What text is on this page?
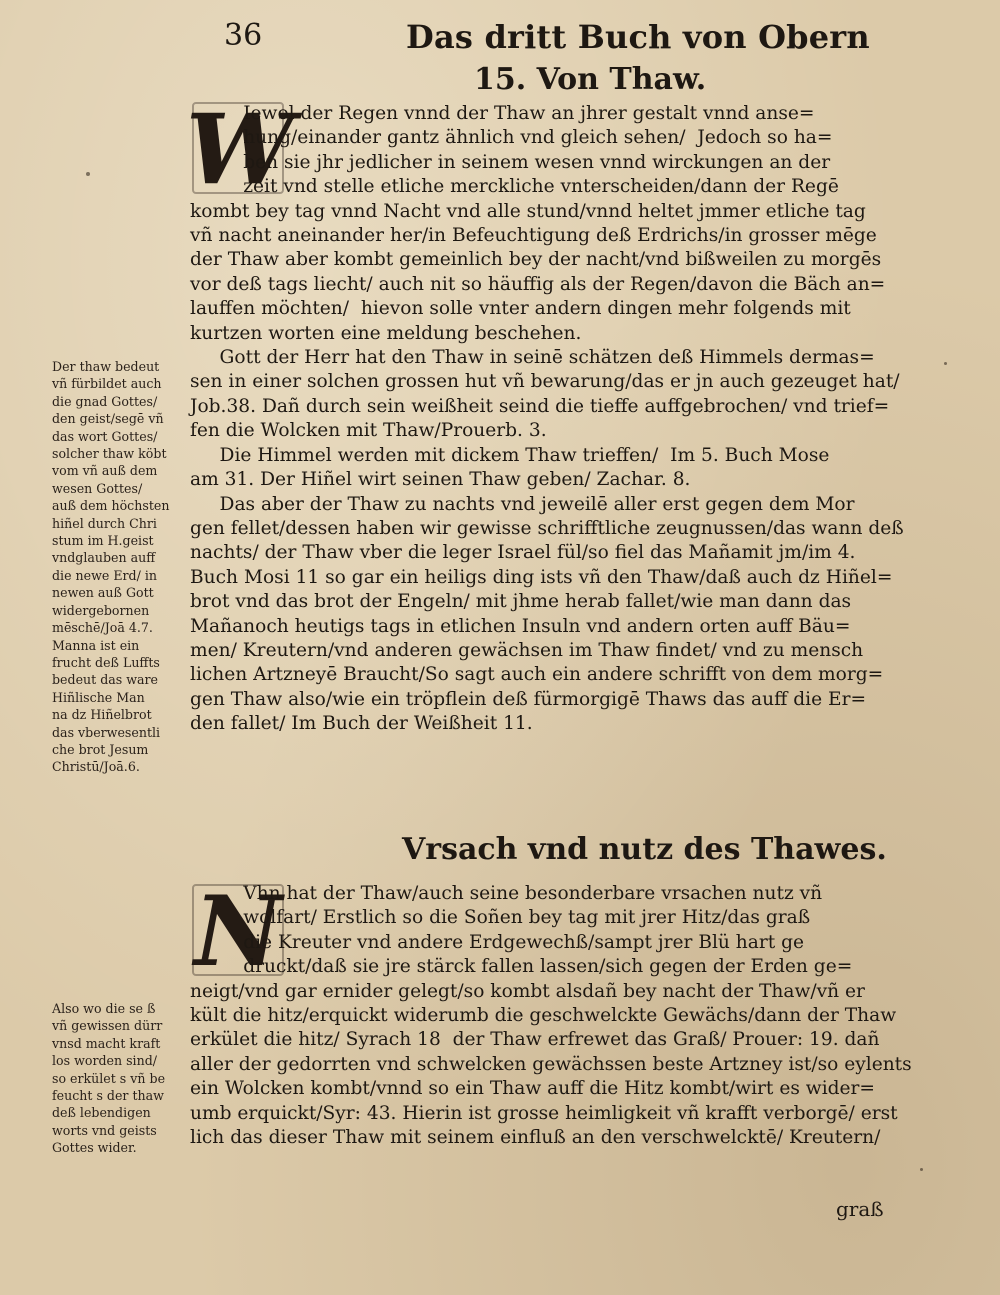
36	Das dritt Buch von Obern
15. Von Thaw.
W
Iewol der Regen vnnd der Thaw an jhrer gestalt vnnd anse=
hung/einander gantz ähnlich vnd gleich sehen/  Jedoch so ha=
ben sie jhr jedlicher in seinem wesen vnnd wirckungen an der
zeit vnd stelle etliche merckliche vnterscheiden/dann der Regē
kombt bey tag vnnd Nacht vnd alle stund/vnnd heltet jmmer etliche tag
vñ nacht aneinander her/in Befeuchtigung deß Erdrichs/in grosser mēge
der Thaw aber kombt gemeinlich bey der nacht/vnd bißweilen zu morgēs
vor deß tags liecht/ auch nit so häuffig als der Regen/davon die Bäch an=
lauffen möchten/  hievon solle vnter andern dingen mehr folgends mit
kurtzen worten eine meldung beschehen.
Gott der Herr hat den Thaw in seinē schätzen deß Himmels dermas=
sen in einer solchen grossen hut vñ bewarung/das er jn auch gezeuget hat/
Job.38. Dañ durch sein weißheit seind die tieffe auffgebrochen/ vnd trief=
fen die Wolcken mit Thaw/Prouerb. 3.
Die Himmel werden mit dickem Thaw trieffen/  Im 5. Buch Mose
am 31. Der Hiñel wirt seinen Thaw geben/ Zachar. 8.
Das aber der Thaw zu nachts vnd jeweilē aller erst gegen dem Mor
gen fellet/dessen haben wir gewisse schrifftliche zeugnussen/das wann deß
nachts/ der Thaw vber die leger Israel fül/so fiel das Mañamit jm/im 4.
Buch Mosi 11 so gar ein heiligs ding ists vñ den Thaw/daß auch dz Hiñel=
brot vnd das brot der Engeln/ mit jhme herab fallet/wie man dann das
Mañanoch heutigs tags in etlichen Insuln vnd andern orten auff Bäu=
men/ Kreutern/vnd anderen gewächsen im Thaw findet/ vnd zu mensch
lichen Artzneyē Braucht/So sagt auch ein andere schrifft von dem morg=
gen Thaw also/wie ein tröpflein deß fürmorgigē Thaws das auff die Er=
den fallet/ Im Buch der Weißheit 11.
Der thaw bedeut
vñ fürbildet auch
die gnad Gottes/
den geist/segē vñ
das wort Gottes/
solcher thaw köbt
vom vñ auß dem
wesen Gottes/
auß dem höchsten
hiñel durch Chri
stum im H.geist
vndglauben auff
die newe Erd/ in
newen auß Gott
widergebornen
mēschē/Joā 4.7.
Manna ist ein
frucht deß Luffts
bedeut das ware
Hiñlische Man
na dz Hiñelbrot
das vberwesentli
che brot Jesum
Christū/Joā.6.
Vrsach vnd nutz des Thawes.
N
Vhn hat der Thaw/auch seine besonderbare vrsachen nutz vñ
wolfart/ Erstlich so die Soñen bey tag mit jrer Hitz/das graß
die Kreuter vnd andere Erdgewechß/sampt jrer Blü hart ge
druckt/daß sie jre stärck fallen lassen/sich gegen der Erden ge=
neigt/vnd gar ernider gelegt/so kombt alsdañ bey nacht der Thaw/vñ er
kült die hitz/erquickt widerumb die geschwelckte Gewächs/dann der Thaw
erkület die hitz/ Syrach 18  der Thaw erfrewet das Graß/ Prouer: 19. dañ
aller der gedorrten vnd schwelcken gewächssen beste Artzney ist/so eylents
ein Wolcken kombt/vnnd so ein Thaw auff die Hitz kombt/wirt es wider=
umb erquickt/Syr: 43. Hierin ist grosse heimligkeit vñ krafft verborgē/ erst
lich das dieser Thaw mit seinem einfluß an den verschwelcktē/ Kreutern/
Also wo die se ß
vñ gewissen dürr
vnsd macht kraft
los worden sind/
so erkület s vñ be
feucht s der thaw
deß lebendigen
worts vnd geists
Gottes wider.
graß
